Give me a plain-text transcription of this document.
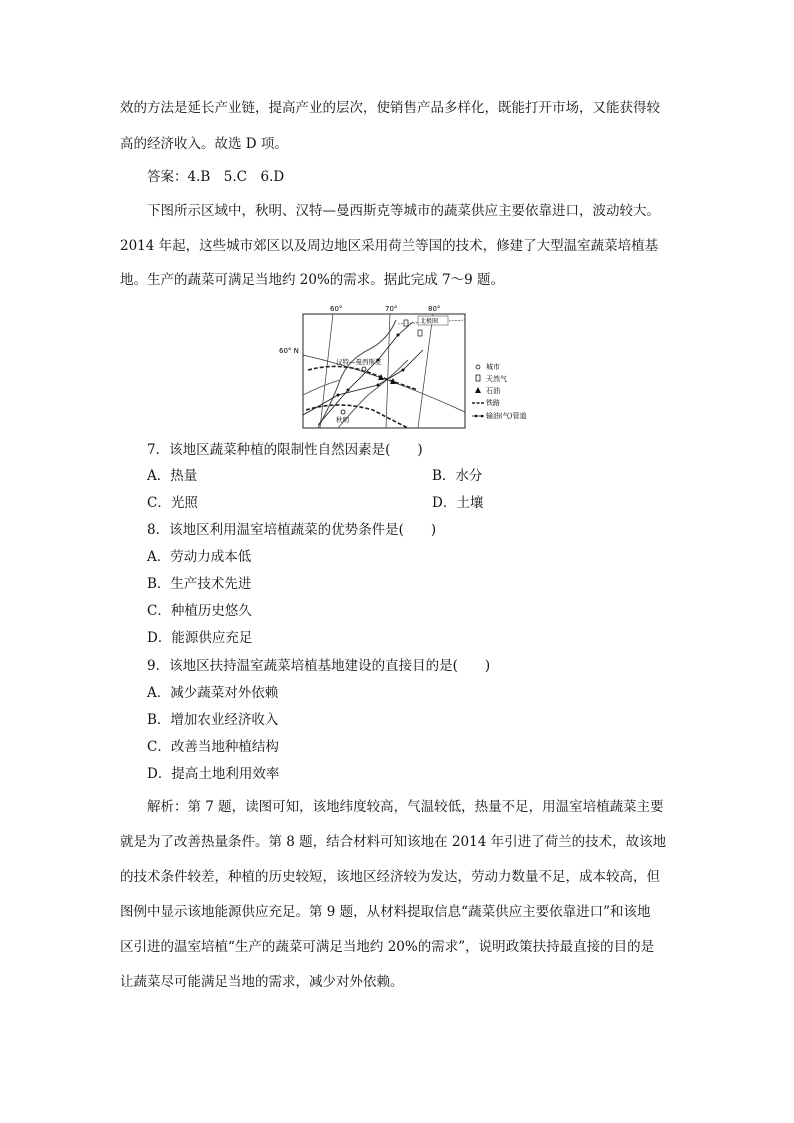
效的方法是延长产业链，提高产业的层次，使销售产品多样化，既能打开市场，又能获得较
高的经济收入。故选 D 项。
答案：4.B　5.C　6.D
下图所示区域中，秋明、汉特—曼西斯克等城市的蔬菜供应主要依靠进口，波动较大。
2014 年起，这些城市郊区以及周边地区采用荷兰等国的技术，修建了大型温室蔬菜培植基
地。生产的蔬菜可满足当地约 20%的需求。据此完成 7～9 题。
60°	70°	80°
60° N
北极圈
汉特—曼西斯克
秋明
城市
天然气
石油
铁路
输油(气)管道
7．该地区蔬菜种植的限制性自然因素是(　　)
A．热量	B．水分
C．光照	D．土壤
8．该地区利用温室培植蔬菜的优势条件是(　　)
A．劳动力成本低
B．生产技术先进
C．种植历史悠久
D．能源供应充足
9．该地区扶持温室蔬菜培植基地建设的直接目的是(　　)
A．减少蔬菜对外依赖
B．增加农业经济收入
C．改善当地种植结构
D．提高土地利用效率
解析：第 7 题，读图可知，该地纬度较高，气温较低，热量不足，用温室培植蔬菜主要
就是为了改善热量条件。第 8 题，结合材料可知该地在 2014 年引进了荷兰的技术，故该地
的技术条件较差，种植的历史较短，该地区经济较为发达，劳动力数量不足，成本较高，但
图例中显示该地能源供应充足。第 9 题，从材料提取信息“蔬菜供应主要依靠进口”和该地
区引进的温室培植“生产的蔬菜可满足当地约 20%的需求”，说明政策扶持最直接的目的是
让蔬菜尽可能满足当地的需求，减少对外依赖。
